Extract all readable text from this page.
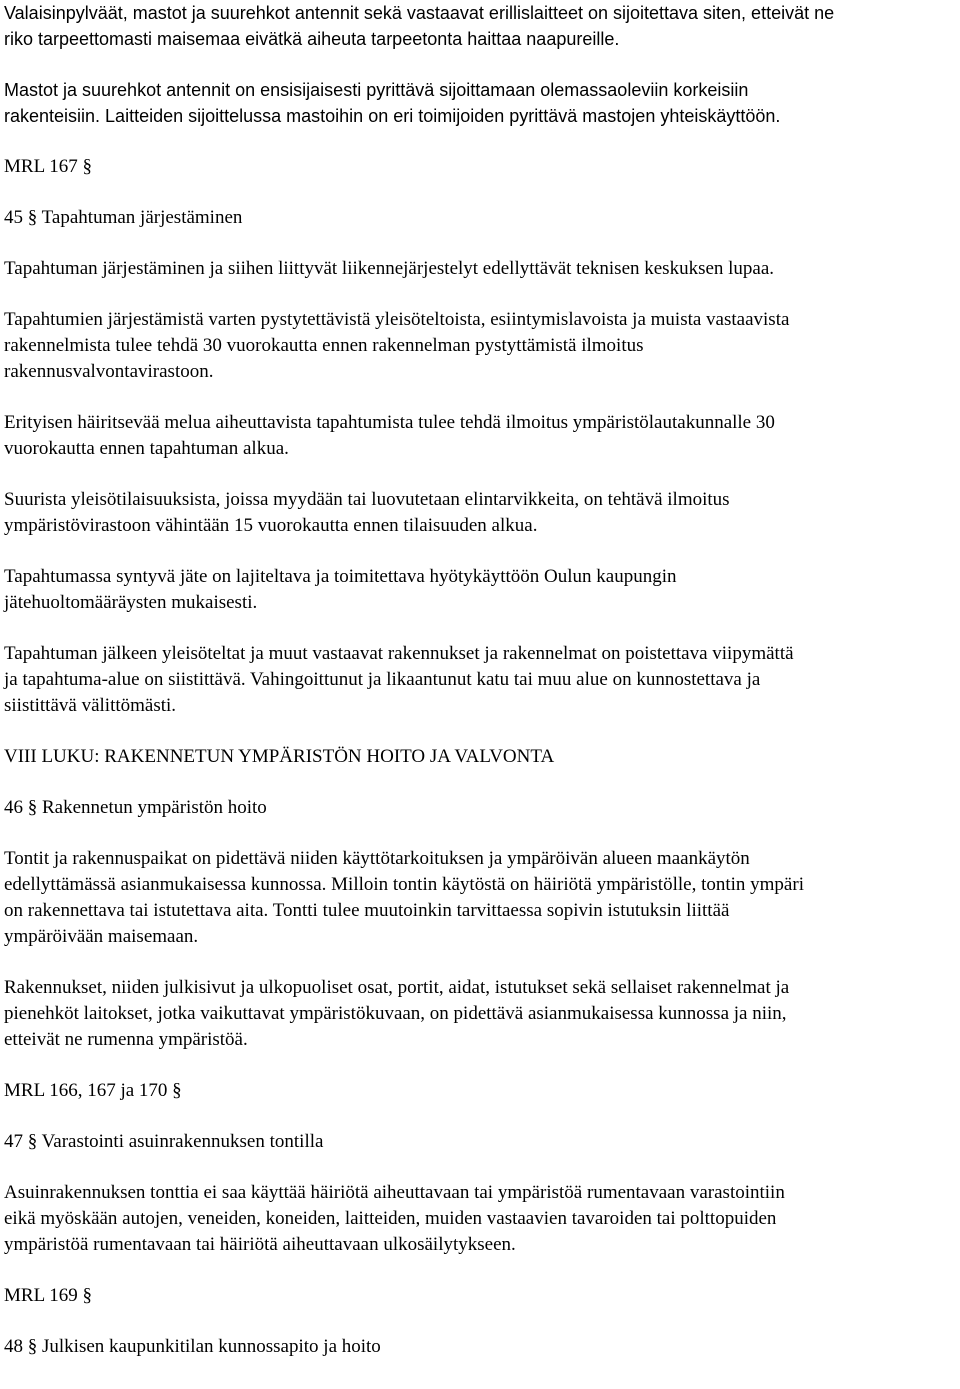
Valaisinpylväät, mastot ja suurehkot antennit sekä vastaavat erillislaitteet on sijoitettava siten, etteivät ne
riko tarpeettomasti maisemaa eivätkä aiheuta tarpeetonta haittaa naapureille.
Mastot ja suurehkot antennit on ensisijaisesti pyrittävä sijoittamaan olemassaoleviin korkeisiin
rakenteisiin. Laitteiden sijoittelussa mastoihin on eri toimijoiden pyrittävä mastojen yhteiskäyttöön.
MRL 167 §
45 § Tapahtuman järjestäminen
Tapahtuman järjestäminen ja siihen liittyvät liikennejärjestelyt edellyttävät teknisen keskuksen lupaa.
Tapahtumien järjestämistä varten pystytettävistä yleisöteltoista, esiintymislavoista ja muista vastaavista
rakennelmista tulee tehdä 30 vuorokautta ennen rakennelman pystyttämistä ilmoitus
rakennusvalvontavirastoon.
Erityisen häiritsevää melua aiheuttavista tapahtumista tulee tehdä ilmoitus ympäristölautakunnalle 30
vuorokautta ennen tapahtuman alkua.
Suurista yleisötilaisuuksista, joissa myydään tai luovutetaan elintarvikkeita, on tehtävä ilmoitus
ympäristövirastoon vähintään 15 vuorokautta ennen tilaisuuden alkua.
Tapahtumassa syntyvä jäte on lajiteltava ja toimitettava hyötykäyttöön Oulun kaupungin
jätehuoltomääräysten mukaisesti.
Tapahtuman jälkeen yleisöteltat ja muut vastaavat rakennukset ja rakennelmat on poistettava viipymättä
ja tapahtuma-alue on siistittävä. Vahingoittunut ja likaantunut katu tai muu alue on kunnostettava ja
siistittävä välittömästi.
VIII LUKU: RAKENNETUN YMPÄRISTÖN HOITO JA VALVONTA
46 § Rakennetun ympäristön hoito
Tontit ja rakennuspaikat on pidettävä niiden käyttötarkoituksen ja ympäröivän alueen maankäytön
edellyttämässä asianmukaisessa kunnossa. Milloin tontin käytöstä on häiriötä ympäristölle, tontin ympäri
on rakennettava tai istutettava aita. Tontti tulee muutoinkin tarvittaessa sopivin istutuksin liittää
ympäröivään maisemaan.
Rakennukset, niiden julkisivut ja ulkopuoliset osat, portit, aidat, istutukset sekä sellaiset rakennelmat ja
pienehköt laitokset, jotka vaikuttavat ympäristökuvaan, on pidettävä asianmukaisessa kunnossa ja niin,
etteivät ne rumenna ympäristöä.
MRL 166, 167 ja 170 §
47 § Varastointi asuinrakennuksen tontilla
Asuinrakennuksen tonttia ei saa käyttää häiriötä aiheuttavaan tai ympäristöä rumentavaan varastointiin
eikä myöskään autojen, veneiden, koneiden, laitteiden, muiden vastaavien tavaroiden tai polttopuiden
ympäristöä rumentavaan tai häiriötä aiheuttavaan ulkosäilytykseen.
MRL 169 §
48 § Julkisen kaupunkitilan kunnossapito ja hoito
